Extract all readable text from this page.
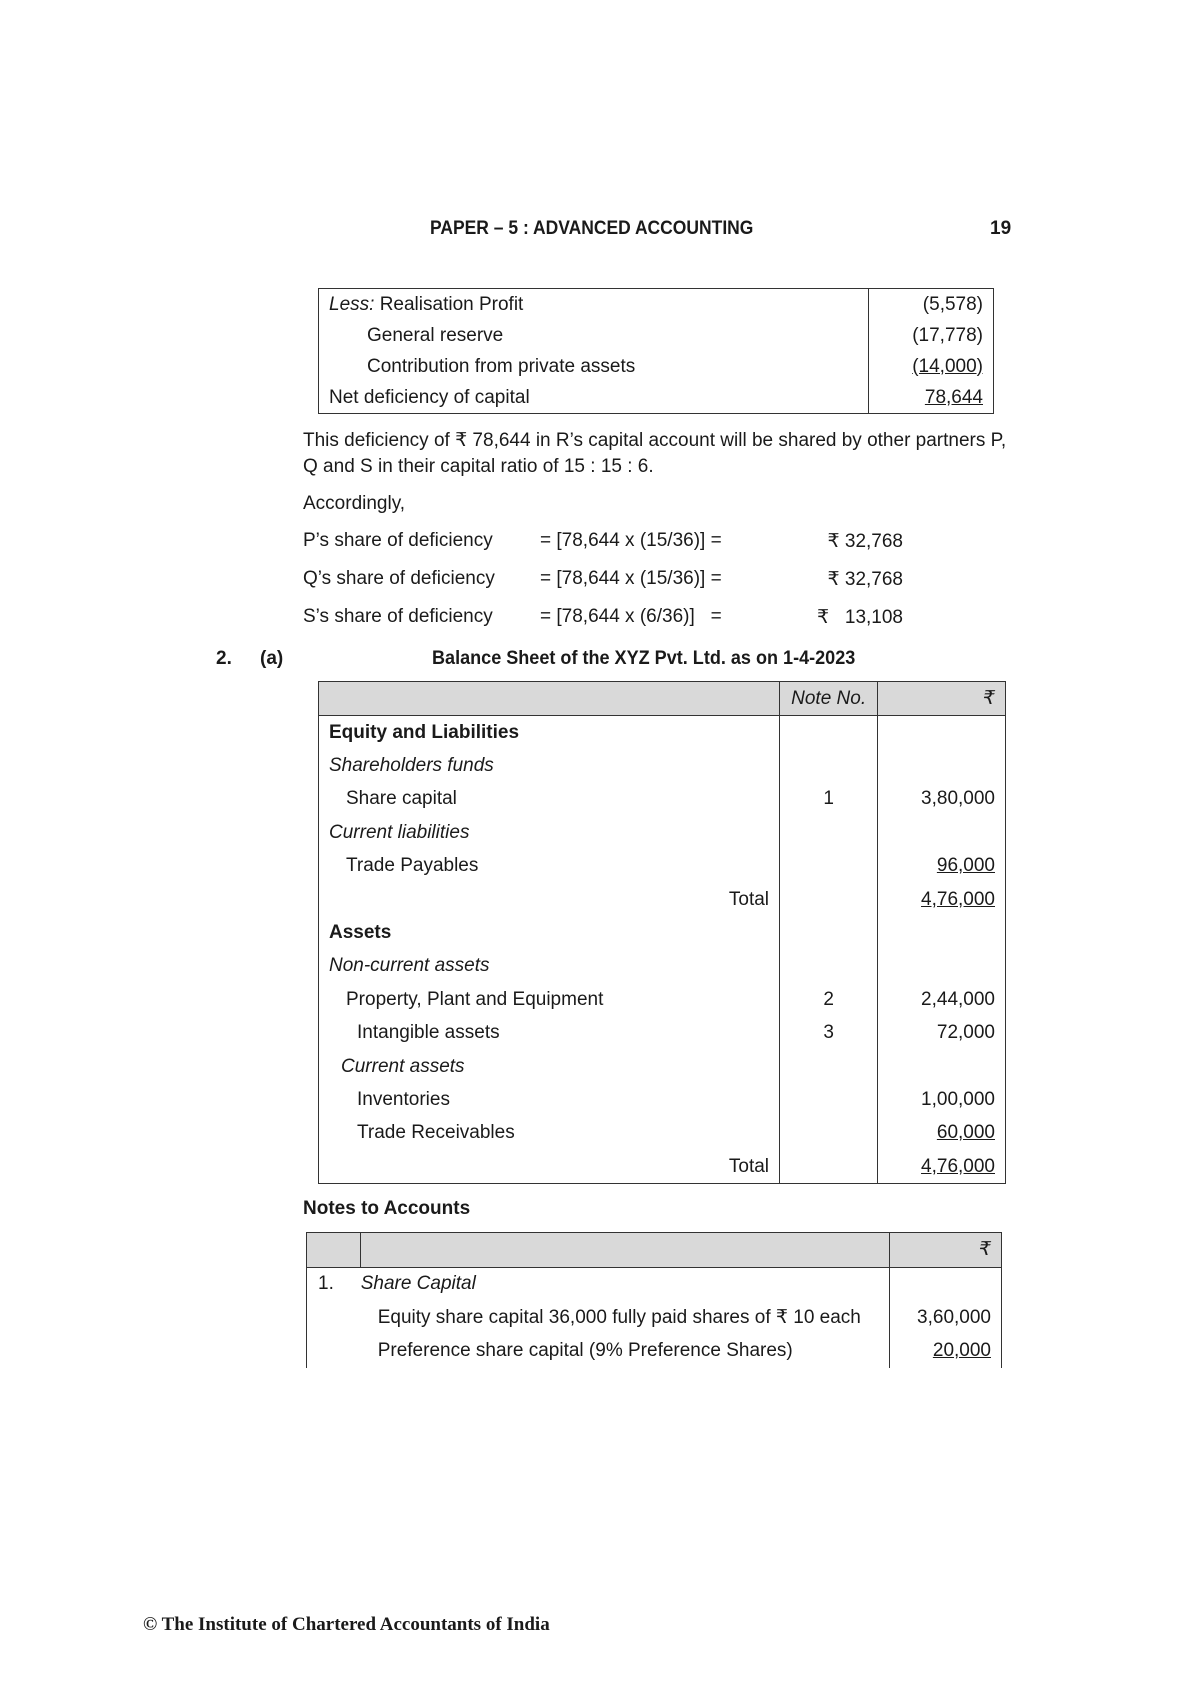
PAPER – 5 : ADVANCED ACCOUNTING	19
Less: Realisation Profit	(5,578)
General reserve	(17,778)
Contribution from private assets	(14,000)
Net deficiency of capital	78,644
This deficiency of ₹ 78,644 in R’s capital account will be shared by other partners P, Q and S in their capital ratio of 15 : 15 : 6.
Accordingly,
P’s share of deficiency = [78,644 x (15/36)] =	₹ 32,768
Q’s share of deficiency = [78,644 x (15/36)] =	₹ 32,768
S’s share of deficiency = [78,644 x (6/36)]   =	₹   13,108
2. (a)	Balance Sheet of the XYZ Pvt. Ltd. as on 1-4-2023
	Note No.	₹
Equity and Liabilities		
Shareholders funds		
Share capital	1	3,80,000
Current liabilities		
Trade Payables		96,000
Total		4,76,000
Assets		
Non-current assets		
Property, Plant and Equipment	2	2,44,000
Intangible assets	3	72,000
Current assets		
Inventories		1,00,000
Trade Receivables		60,000
Total		4,76,000
Notes to Accounts
		₹
1.	Share Capital	
	Equity share capital 36,000 fully paid shares of ₹ 10 each	3,60,000
	Preference share capital (9% Preference Shares)	20,000
© The Institute of Chartered Accountants of India
